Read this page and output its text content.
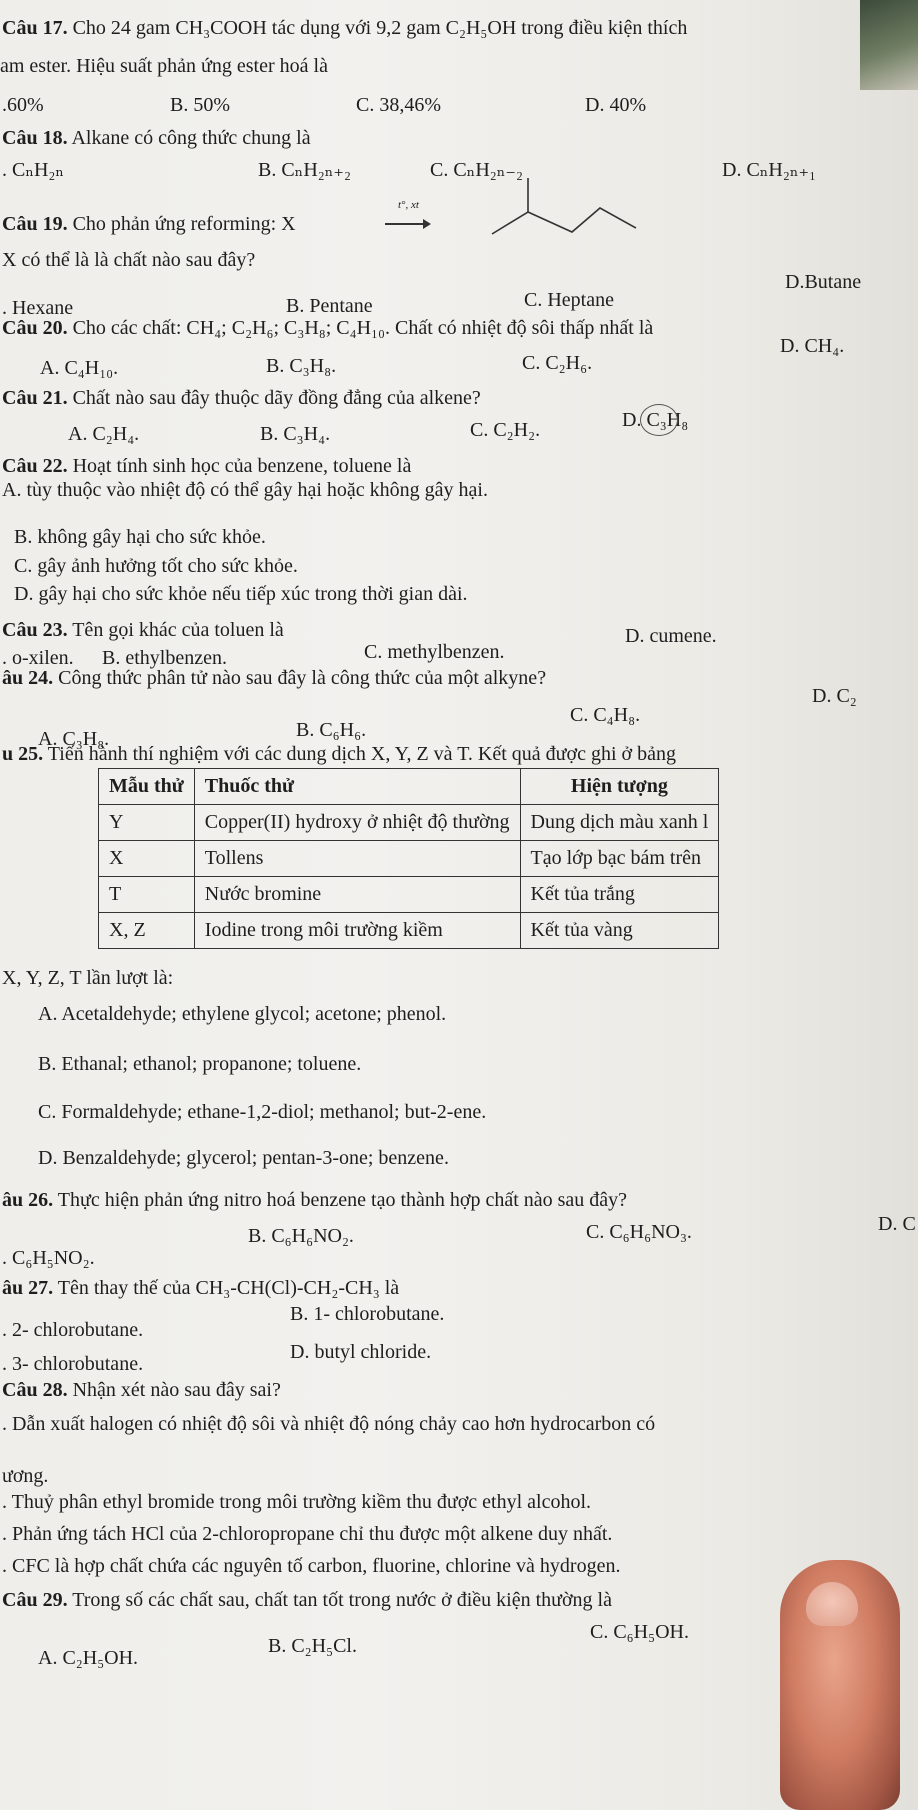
Câu 17. Cho 24 gam CH₃COOH tác dụng với 9,2 gam C₂H₅OH trong điều kiện thích
am ester. Hiệu suất phản ứng ester hoá là
.60%	B. 50%	C. 38,46%	D. 40%
Câu 18. Alkane có công thức chung là
. CₙH₂ₙ	B. CₙH₂ₙ₊₂	C. CₙH₂ₙ₋₂	D. CₙH₂ₙ₊₁
Câu 19. Cho phản ứng reforming: X
t°, xt
X có thể là là chất nào sau đây?
. Hexane	B. Pentane	C. Heptane
D.Butane
Câu 20. Cho các chất: CH₄; C₂H₆; C₃H₈; C₄H₁₀. Chất có nhiệt độ sôi thấp nhất là
A. C₄H₁₀.	B. C₃H₈.	C. C₂H₆.
D. CH₄.
Câu 21. Chất nào sau đây thuộc dãy đồng đẳng của alkene?
A. C₂H₄.	B. C₃H₄.	C. C₂H₂.	D. C₃H₈
Câu 22. Hoạt tính sinh học của benzene, toluene là
A. tùy thuộc vào nhiệt độ có thể gây hại hoặc không gây hại.
B. không gây hại cho sức khỏe.
C. gây ảnh hưởng tốt cho sức khỏe.
D. gây hại cho sức khỏe nếu tiếp xúc trong thời gian dài.
Câu 23. Tên gọi khác của toluen là
. o-xilen. B. ethylbenzen.	C. methylbenzen.
D. cumene.
âu 24. Công thức phân tử nào sau đây là công thức của một alkyne?
A. C₃H₈.	B. C₆H₆.
C. C₄H₈.
D. C₂
u 25. Tiến hành thí nghiệm với các dung dịch X, Y, Z và T. Kết quả được ghi ở bảng
Mẫu thử	Thuốc thử	Hiện tượng
Y	Copper(II) hydroxy ở nhiệt độ thường	Dung dịch màu xanh l
X	Tollens	Tạo lớp bạc bám trên
T	Nước bromine	Kết tủa trắng
X, Z	Iodine trong môi trường kiềm	Kết tủa vàng
X, Y, Z, T lần lượt là:
A. Acetaldehyde; ethylene glycol; acetone; phenol.
B. Ethanal; ethanol; propanone; toluene.
C. Formaldehyde; ethane-1,2-diol; methanol; but-2-ene.
D. Benzaldehyde; glycerol; pentan-3-one; benzene.
âu 26. Thực hiện phản ứng nitro hoá benzene tạo thành hợp chất nào sau đây?
. C₆H₅NO₂.
B. C₆H₆NO₂.	C. C₆H₆NO₃.	D. C
âu 27. Tên thay thế của CH₃-CH(Cl)-CH₂-CH₃ là
. 2- chlorobutane.
B. 1- chlorobutane.
. 3- chlorobutane.
D. butyl chloride.
Câu 28. Nhận xét nào sau đây sai?
. Dẫn xuất halogen có nhiệt độ sôi và nhiệt độ nóng chảy cao hơn hydrocarbon có
ương.
. Thuỷ phân ethyl bromide trong môi trường kiềm thu được ethyl alcohol.
. Phản ứng tách HCl của 2-chloropropane chỉ thu được một alkene duy nhất.
. CFC là hợp chất chứa các nguyên tố carbon, fluorine, chlorine và hydrogen.
Câu 29. Trong số các chất sau, chất tan tốt trong nước ở điều kiện thường là
A. C₂H₅OH.
B. C₂H₅Cl.
C. C₆H₅OH.
